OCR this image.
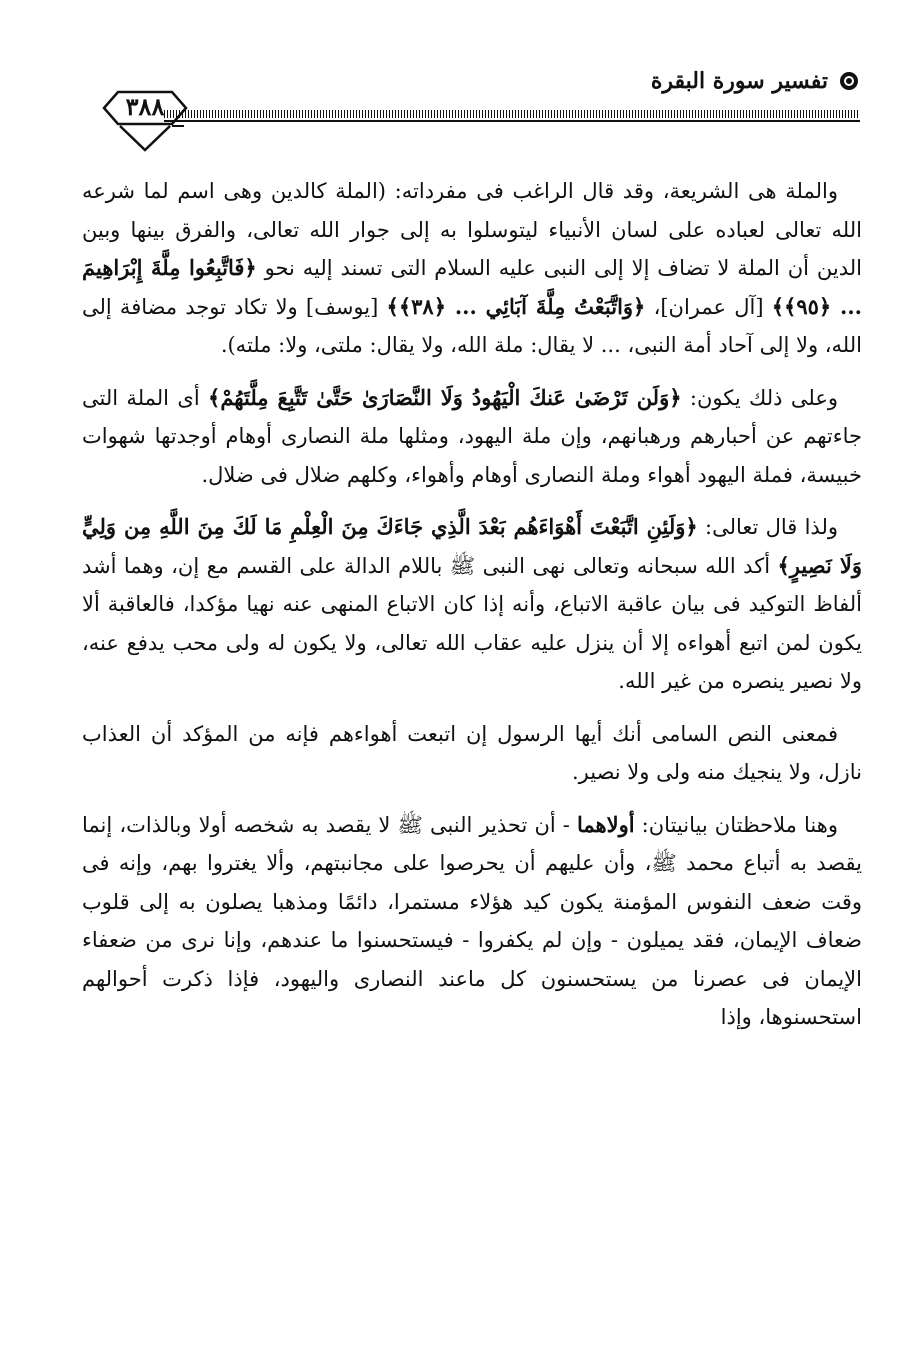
تفسير سورة البقرة
٣٨٨

والملة هى الشريعة، وقد قال الراغب فى مفرداته: (الملة كالدين وهى اسم لما شرعه الله تعالى لعباده على لسان الأنبياء ليتوسلوا به إلى جوار الله تعالى، والفرق بينها وبين الدين أن الملة لا تضاف إلا إلى النبى عليه السلام التى تسند إليه نحو ﴿فَاتَّبِعُوا مِلَّةَ إِبْرَاهِيمَ ... ﴿٩٥﴾﴾ [آل عمران]، ﴿وَاتَّبَعْتُ مِلَّةَ آبَائِي ... ﴿٣٨﴾﴾ [يوسف] ولا تكاد توجد مضافة إلى الله، ولا إلى آحاد أمة النبى، ... لا يقال: ملة الله، ولا يقال: ملتى، ولا: ملته).

وعلى ذلك يكون: ﴿وَلَن تَرْضَىٰ عَنكَ الْيَهُودُ وَلَا النَّصَارَىٰ حَتَّىٰ تَتَّبِعَ مِلَّتَهُمْ﴾ أى الملة التى جاءتهم عن أحبارهم ورهبانهم، وإن ملة اليهود، ومثلها ملة النصارى أوهام أوجدتها شهوات خبيسة، فملة اليهود أهواء وملة النصارى أوهام وأهواء، وكلهم ضلال فى ضلال.

ولذا قال تعالى: ﴿وَلَئِنِ اتَّبَعْتَ أَهْوَاءَهُم بَعْدَ الَّذِي جَاءَكَ مِنَ الْعِلْمِ مَا لَكَ مِنَ اللَّهِ مِن وَلِيٍّ وَلَا نَصِيرٍ﴾ أكد الله سبحانه وتعالى نهى النبى ﷺ باللام الدالة على القسم مع إن، وهما أشد ألفاظ التوكيد فى بيان عاقبة الاتباع، وأنه إذا كان الاتباع المنهى عنه نهيا مؤكدا، فالعاقبة ألا يكون لمن اتبع أهواءه إلا أن ينزل عليه عقاب الله تعالى، ولا يكون له ولى محب يدفع عنه، ولا نصير ينصره من غير الله.

فمعنى النص السامى أنك أيها الرسول إن اتبعت أهواءهم فإنه من المؤكد أن العذاب نازل، ولا ينجيك منه ولى ولا نصير.

وهنا ملاحظتان بيانيتان: أولاهما - أن تحذير النبى ﷺ لا يقصد به شخصه أولا وبالذات، إنما يقصد به أتباع محمد ﷺ، وأن عليهم أن يحرصوا على مجانبتهم، وألا يغتروا بهم، وإنه فى وقت ضعف النفوس المؤمنة يكون كيد هؤلاء مستمرا، دائمًا ومذهبا يصلون به إلى قلوب ضعاف الإيمان، فقد يميلون - وإن لم يكفروا - فيستحسنوا ما عندهم، وإنا نرى من ضعفاء الإيمان فى عصرنا من يستحسنون كل ماعند النصارى واليهود، فإذا ذكرت أحوالهم استحسنوها، وإذا
